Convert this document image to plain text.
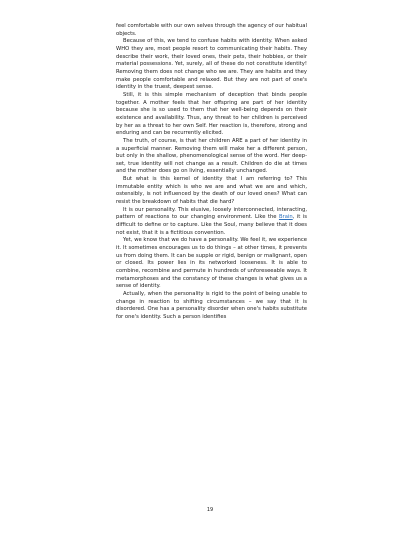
feel comfortable with our own selves through the agency of our habitual objects.

Because of this, we tend to confuse habits with identity. When asked WHO they are, most people resort to communicating their habits. They describe their work, their loved ones, their pets, their hobbies, or their material possessions. Yet, surely, all of these do not constitute identity! Removing them does not change who we are. They are habits and they make people comfortable and relaxed. But they are not part of one's identity in the truest, deepest sense.

Still, it is this simple mechanism of deception that binds people together. A mother feels that her offspring are part of her identity because she is so used to them that her well-being depends on their existence and availability. Thus, any threat to her children is perceived by her as a threat to her own Self. Her reaction is, therefore, strong and enduring and can be recurrently elicited.

The truth, of course, is that her children ARE a part of her identity in a superficial manner. Removing them will make her a different person, but only in the shallow, phenomenological sense of the word. Her deep-set, true identity will not change as a result. Children do die at times and the mother does go on living, essentially unchanged.

But what is this kernel of identity that I am referring to? This immutable entity which is who we are and what we are and which, ostensibly, is not influenced by the death of our loved ones? What can resist the breakdown of habits that die hard?

It is our personality. This elusive, loosely interconnected, interacting, pattern of reactions to our changing environment. Like the Brain, it is difficult to define or to capture. Like the Soul, many believe that it does not exist, that it is a fictitious convention.

Yet, we know that we do have a personality. We feel it, we experience it. It sometimes encourages us to do things – at other times, it prevents us from doing them. It can be supple or rigid, benign or malignant, open or closed. Its power lies in its networked looseness. It is able to combine, recombine and permute in hundreds of unforeseeable ways. It metamorphoses and the constancy of these changes is what gives us a sense of identity.

Actually, when the personality is rigid to the point of being unable to change in reaction to shifting circumstances – we say that it is disordered. One has a personality disorder when one's habits substitute for one's identity. Such a person identifies

19
